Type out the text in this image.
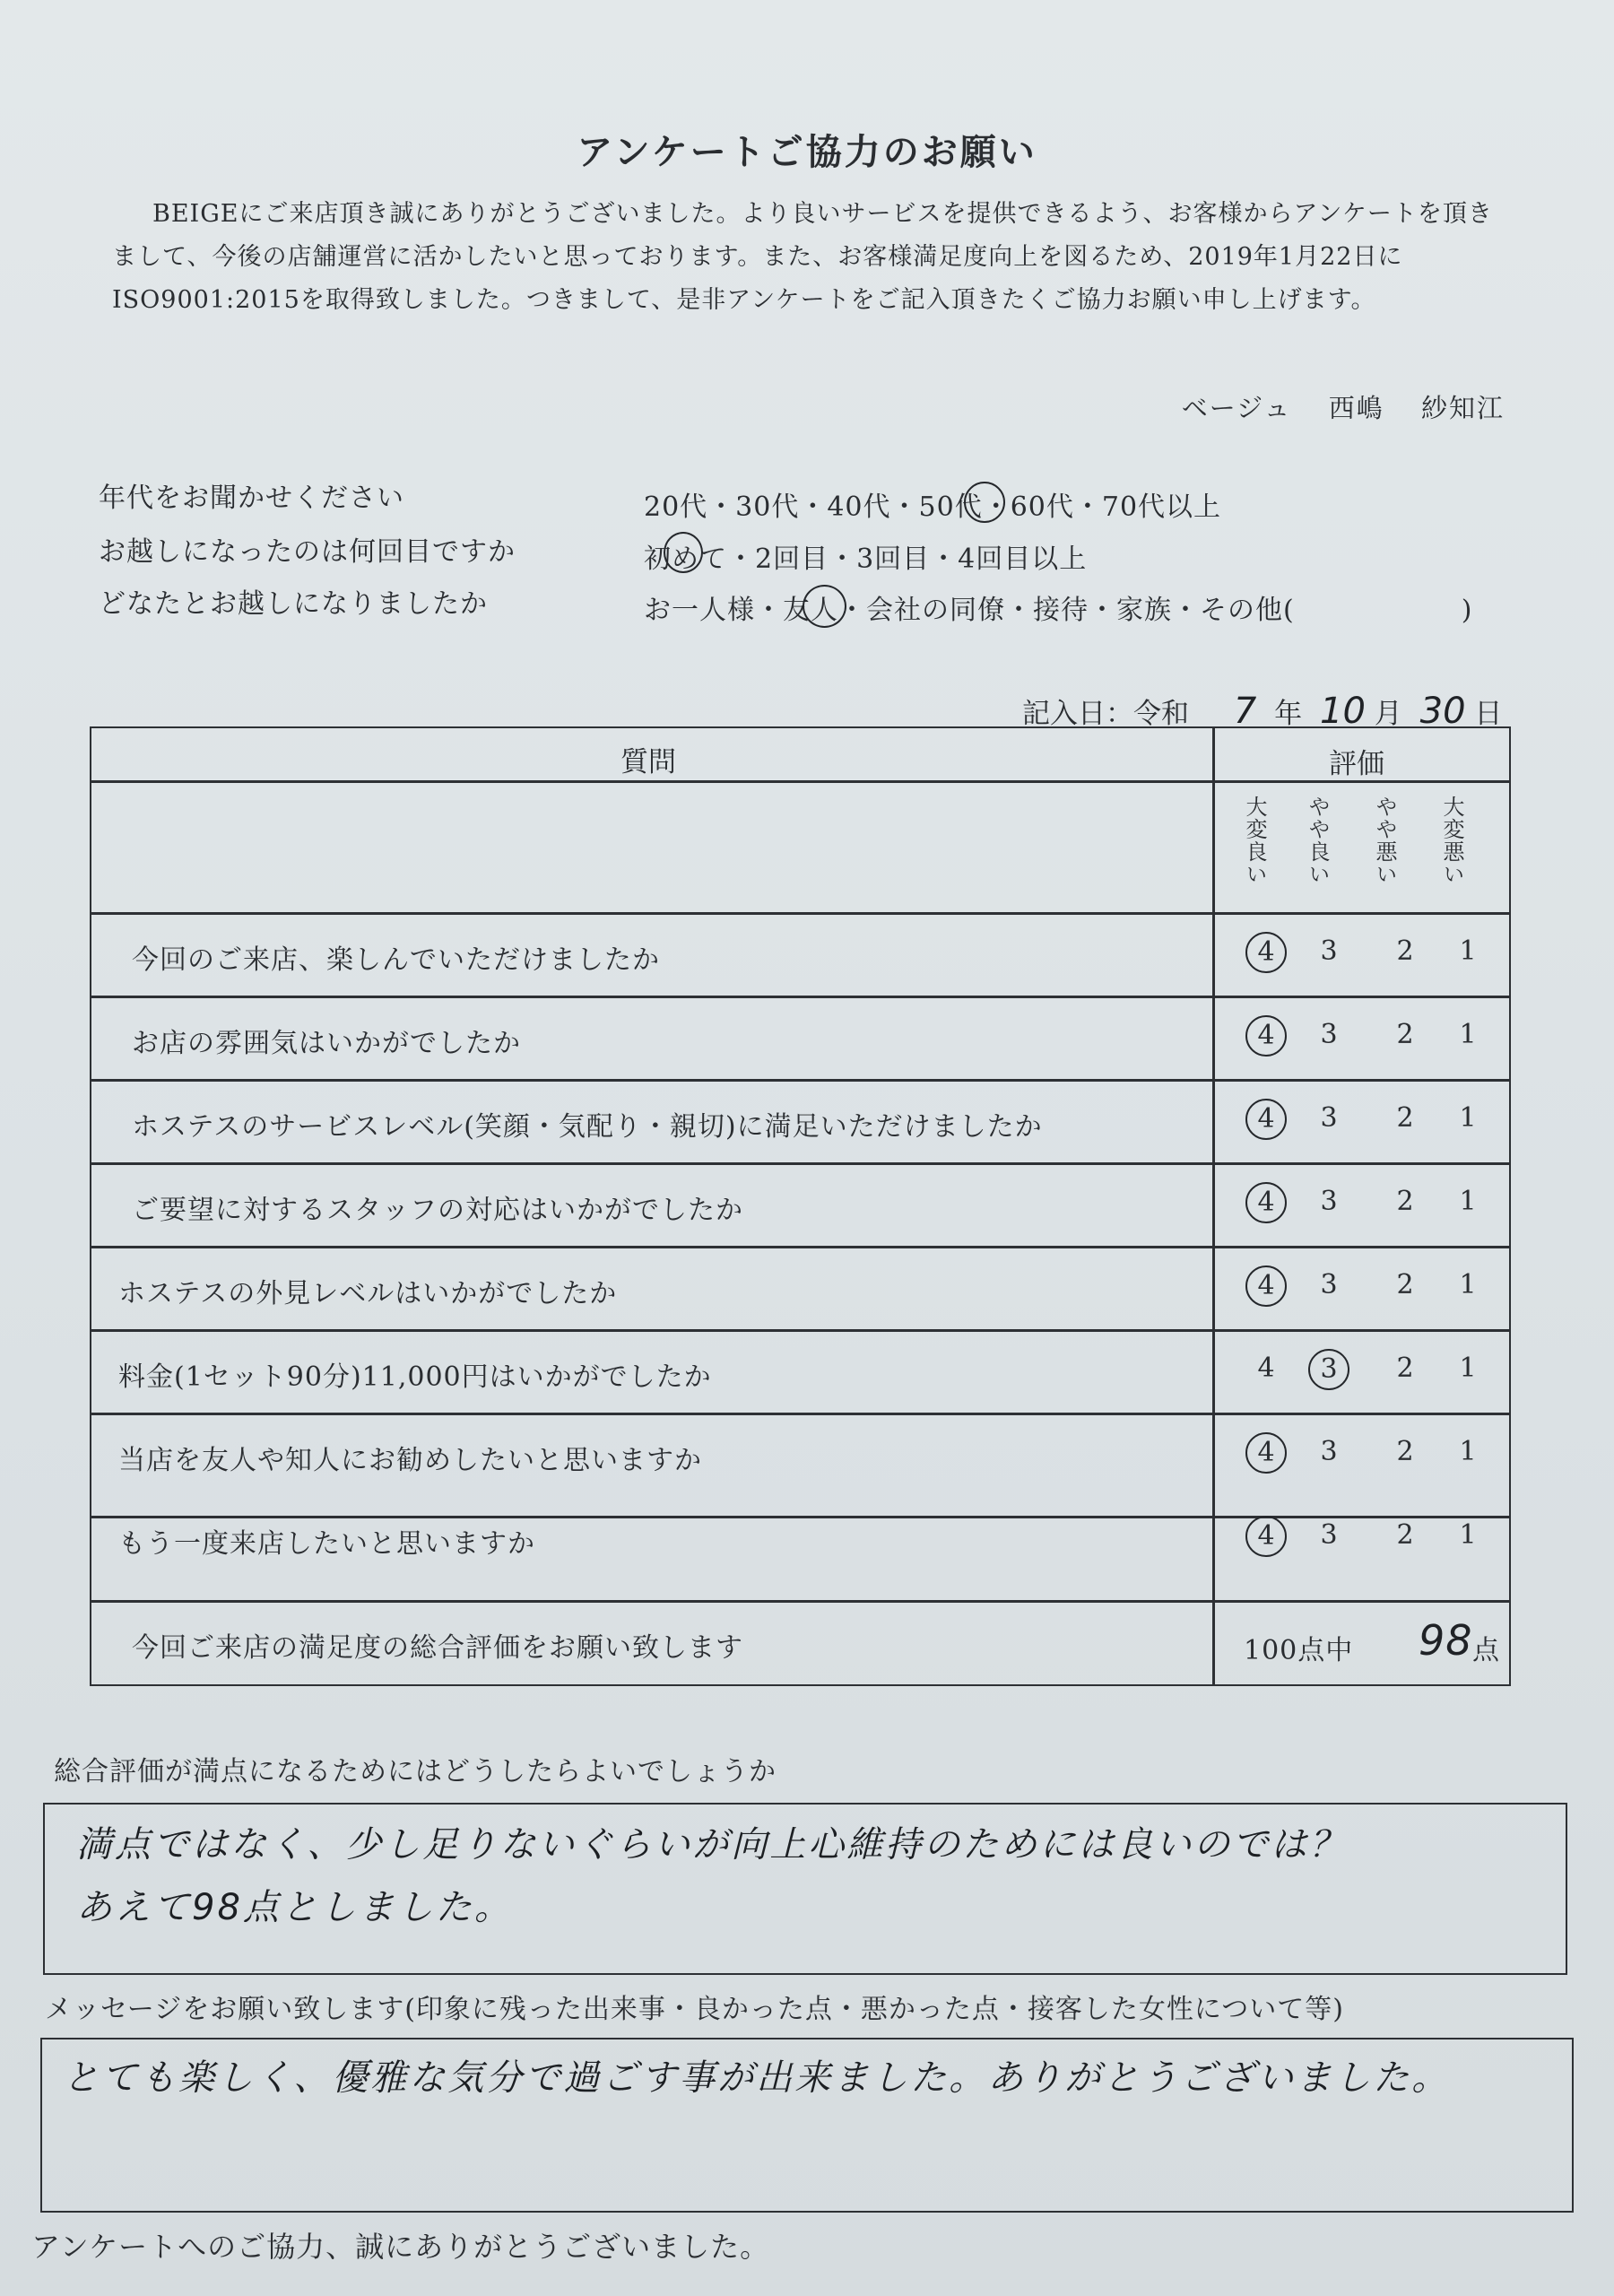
アンケートご協力のお願い
BEIGEにご来店頂き誠にありがとうございました。より良いサービスを提供できるよう、お客様からアンケートを頂きまして、今後の店舗運営に活かしたいと思っております。また、お客様満足度向上を図るため、2019年1月22日にISO9001:2015を取得致しました。つきまして、是非アンケートをご記入頂きたくご協力お願い申し上げます。
ベージュ 西嶋 紗知江
年代をお聞かせください	20代・30代・40代・50代・60代・70代以上
お越しになったのは何回目ですか	初めて・2回目・3回目・4回目以上
どなたとお越しになりましたか	お一人様・友人・会社の同僚・接待・家族・その他(　　　　　　)
記入日：令和 7 年 10 月 30 日
質問	評価
大変良い やや良い やや悪い 大変悪い
今回のご来店、楽しんでいただけましたか	4	3	2	1
お店の雰囲気はいかがでしたか	4	3	2	1
ホステスのサービスレベル(笑顔・気配り・親切)に満足いただけましたか	4	3	2	1
ご要望に対するスタッフの対応はいかがでしたか	4	3	2	1
ホステスの外見レベルはいかがでしたか	4	3	2	1
料金(1セット90分)11,000円はいかがでしたか	4	3	2	1
当店を友人や知人にお勧めしたいと思いますか	4	3	2	1
もう一度来店したいと思いますか	4	3	2	1
今回ご来店の満足度の総合評価をお願い致します	100点中 98 点
総合評価が満点になるためにはどうしたらよいでしょうか
満点ではなく、少し足りないぐらいが向上心維持のためには良いのでは？
あえて98点としました。
メッセージをお願い致します(印象に残った出来事・良かった点・悪かった点・接客した女性について等)
とても楽しく、優雅な気分で過ごす事が出来ました。ありがとうございました。
アンケートへのご協力、誠にありがとうございました。
